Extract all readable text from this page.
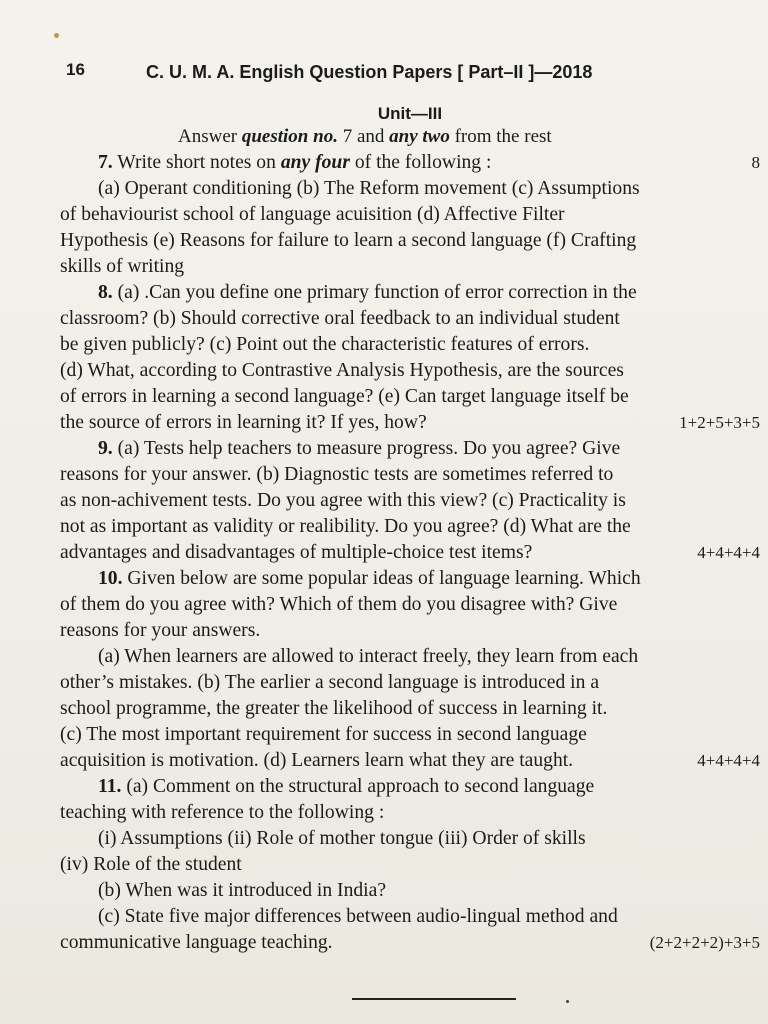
16	C. U. M. A. English Question Papers [ Part–II ]—2018
Unit—III
Answer question no. 7 and any two from the rest
7. Write short notes on any four of the following :	8
(a) Operant conditioning (b) The Reform movement (c) Assumptions
of behaviourist school of language acuisition (d) Affective Filter
Hypothesis (e) Reasons for failure to learn a second language (f) Crafting
skills of writing
8. (a) .Can you define one primary function of error correction in the
classroom? (b) Should corrective oral feedback to an individual student
be given publicly? (c) Point out the characteristic features of errors.
(d) What, according to Contrastive Analysis Hypothesis, are the sources
of errors in learning a second language? (e) Can target language itself be
the source of errors in learning it? If yes, how?	1+2+5+3+5
9. (a) Tests help teachers to measure progress. Do you agree? Give
reasons for your answer. (b) Diagnostic tests are sometimes referred to
as non-achivement tests. Do you agree with this view? (c) Practicality is
not as important as validity or realibility. Do you agree? (d) What are the
advantages and disadvantages of multiple-choice test items?	4+4+4+4
10. Given below are some popular ideas of language learning. Which
of them do you agree with? Which of them do you disagree with? Give
reasons for your answers.
(a) When learners are allowed to interact freely, they learn from each
other’s mistakes. (b) The earlier a second language is introduced in a
school programme, the greater the likelihood of success in learning it.
(c) The most important requirement for success in second language
acquisition is motivation. (d) Learners learn what they are taught.	4+4+4+4
11. (a) Comment on the structural approach to second language
teaching with reference to the following :
(i) Assumptions (ii) Role of mother tongue (iii) Order of skills
(iv) Role of the student
(b) When was it introduced in India?
(c) State five major differences between audio-lingual method and
communicative language teaching.	(2+2+2+2)+3+5
